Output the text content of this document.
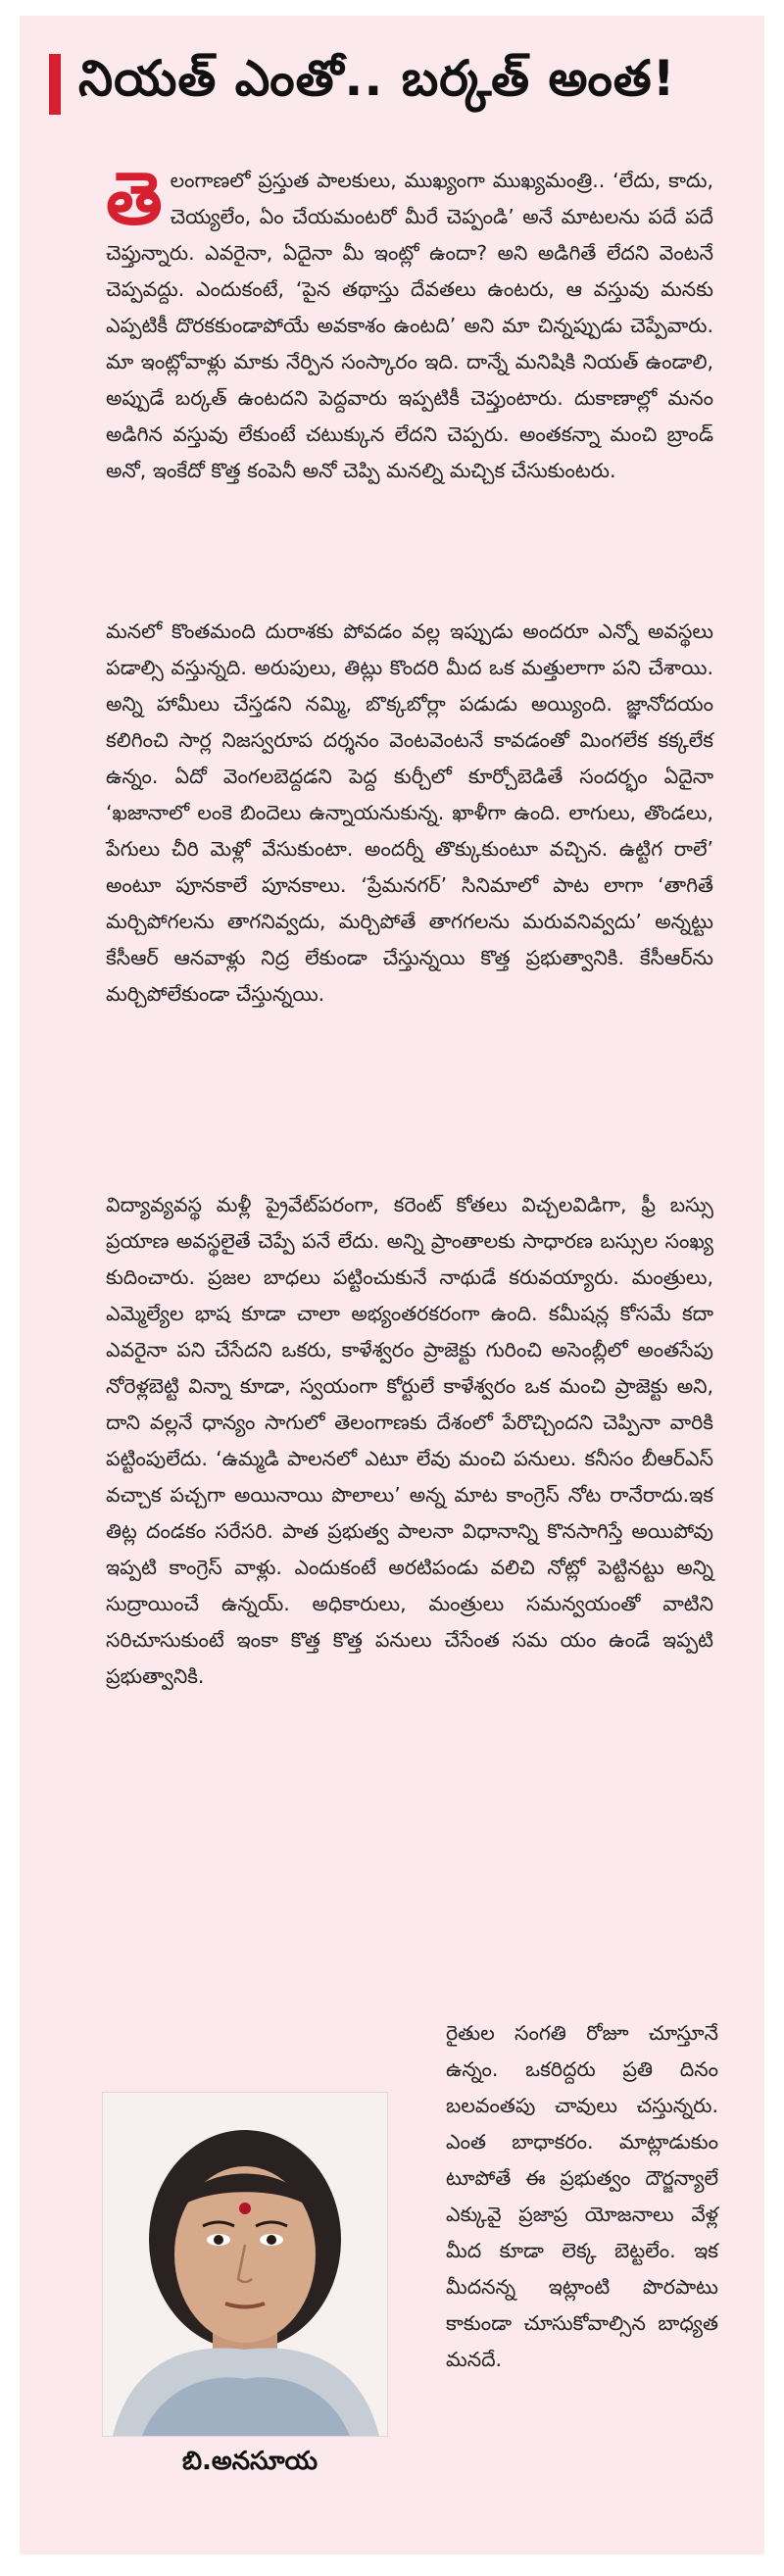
నియత్ ఎంతో.. బర్కత్ అంత!
తెలంగాణలో ప్రస్తుత పాలకులు, ముఖ్యంగా ముఖ్యమంత్రి.. ‘లేదు, కాదు, చెయ్యలేం, ఏం చేయమంటరో మీరే చెప్పండి’ అనే మాటలను పదే పదే చెప్తున్నారు. ఎవరైనా, ఏదైనా మీ ఇంట్లో ఉందా? అని అడిగితే లేదని వెంటనే చెప్పవద్దు. ఎందుకంటే, ‘పైన తథాస్తు దేవతలు ఉంటరు, ఆ వస్తువు మనకు ఎప్పటికీ దొరకకుండాపోయే అవకాశం ఉంటది’ అని మా చిన్నప్పుడు చెప్పేవారు. మా ఇంట్లోవాళ్లు మాకు నేర్పిన సంస్కారం ఇది. దాన్నే మనిషికి నియత్ ఉండాలి, అప్పుడే బర్కత్ ఉంటదని పెద్దవారు ఇప్పటికీ చెప్తుంటారు. దుకాణాల్లో మనం అడిగిన వస్తువు లేకుంటే చటుక్కున లేదని చెప్పరు. అంతకన్నా మంచి బ్రాండ్ అనో, ఇంకేదో కొత్త కంపెనీ అనో చెప్పి మనల్ని మచ్చిక చేసుకుంటరు.
మనలో కొంతమంది దురాశకు పోవడం వల్ల ఇప్పుడు అందరూ ఎన్నో అవస్థలు పడాల్సి వస్తున్నది. అరుపులు, తిట్లు కొందరి మీద ఒక మత్తులాగా పని చేశాయి. అన్ని హామీలు చేస్తడని నమ్మి, బొక్కబోర్లా పడుడు అయ్యింది. జ్ఞానోదయం కలిగించి సార్ల నిజస్వరూప దర్శనం వెంటవెంటనే కావడంతో మింగలేక కక్కలేక ఉన్నం. ఏదో వెంగలబెద్దడని పెద్ద కుర్చీలో కూర్చోబెడితే సందర్భం ఏదైనా ‘ఖజానాలో లంకె బిందెలు ఉన్నాయనుకున్న. ఖాళీగా ఉంది. లాగులు, తొండలు, పేగులు చీరి మెళ్లో వేసుకుంటా. అందర్నీ తొక్కుకుంటూ వచ్చిన. ఉట్టిగ రాలే’ అంటూ పూనకాలే పూనకాలు. ‘ప్రేమనగర్’ సినిమాలో పాట లాగా ‘తాగితే మర్చిపోగలను తాగనివ్వదు, మర్చిపోతే తాగగలను మరువనివ్వదు’ అన్నట్టు కేసీఆర్ ఆనవాళ్లు నిద్ర లేకుండా చేస్తున్నయి కొత్త ప్రభుత్వానికి. కేసీఆర్‌ను మర్చిపోలేకుండా చేస్తున్నయి.
విద్యావ్యవస్థ మళ్లీ ప్రైవేట్‌పరంగా, కరెంట్ కోతలు విచ్చలవిడిగా, ఫ్రీ బస్సు ప్రయాణ అవస్థలైతే చెప్పే పనే లేదు. అన్ని ప్రాంతాలకు సాధారణ బస్సుల సంఖ్య కుదించారు. ప్రజల బాధలు పట్టించుకునే నాథుడే కరువయ్యారు. మంత్రులు, ఎమ్మెల్యేల భాష కూడా చాలా అభ్యంతరకరంగా ఉంది. కమీషన్ల కోసమే కదా ఎవరైనా పని చేసేదని ఒకరు, కాళేశ్వరం ప్రాజెక్టు గురించి అసెంబ్లీలో అంతసేపు నోరెళ్లబెట్టి విన్నా కూడా, స్వయంగా కోర్టులే కాళేశ్వరం ఒక మంచి ప్రాజెక్టు అని, దాని వల్లనే ధాన్యం సాగులో తెలంగాణకు దేశంలో పేరొచ్చిందని చెప్పినా వారికి పట్టింపులేదు. ‘ఉమ్మడి పాలనలో ఎటూ లేవు మంచి పనులు. కనీసం బీఆర్ఎస్ వచ్చాక పచ్చగా అయినాయి పొలాలు’ అన్న మాట కాంగ్రెస్ నోట రానేరాదు.ఇక తిట్ల దండకం సరేసరి. పాత ప్రభుత్వ పాలనా విధానాన్ని కొనసాగిస్తే అయిపోవు ఇప్పటి కాంగ్రెస్ వాళ్లు. ఎందుకంటే అరటిపండు వలిచి నోట్లో పెట్టినట్టు అన్ని సుద్రాయించే ఉన్నయ్. అధికారులు, మంత్రులు సమన్వయంతో వాటిని సరిచూసుకుంటే ఇంకా కొత్త కొత్త పనులు చేసేంత సమ యం ఉండే ఇప్పటి ప్రభుత్వానికి.
రైతుల సంగతి రోజూ చూస్తూనే ఉన్నం. ఒకరిద్దరు ప్రతి దినం బలవంతపు చావులు చస్తున్నరు. ఎంత బాధాకరం. మాట్లాడుకుం టూపోతే ఈ ప్రభుత్వం దౌర్జన్యాలే ఎక్కువై ప్రజాప్ర యోజనాలు వేళ్ల మీద కూడా లెక్క బెట్టలేం. ఇక మీదనన్న ఇట్లాంటి పొరపాటు కాకుండా చూసుకోవాల్సిన బాధ్యత మనదే.
బి.అనసూయ
